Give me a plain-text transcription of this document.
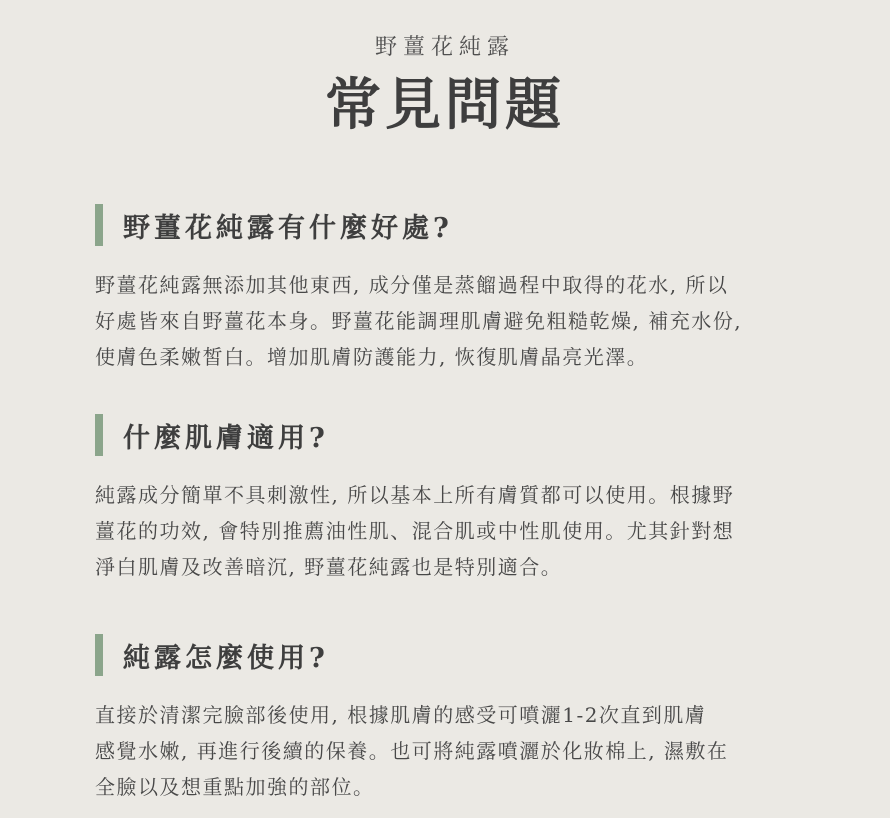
野薑花純露
常見問題
野薑花純露有什麼好處?
野薑花純露無添加其他東西, 成分僅是蒸餾過程中取得的花水, 所以
好處皆來自野薑花本身。野薑花能調理肌膚避免粗糙乾燥, 補充水份,
使膚色柔嫩皙白。增加肌膚防護能力, 恢復肌膚晶亮光澤。
什麼肌膚適用?
純露成分簡單不具刺激性, 所以基本上所有膚質都可以使用。根據野
薑花的功效, 會特別推薦油性肌、混合肌或中性肌使用。尤其針對想
淨白肌膚及改善暗沉, 野薑花純露也是特別適合。
純露怎麼使用?
直接於清潔完臉部後使用, 根據肌膚的感受可噴灑1-2次直到肌膚
感覺水嫩, 再進行後續的保養。也可將純露噴灑於化妝棉上, 濕敷在
全臉以及想重點加強的部位。
